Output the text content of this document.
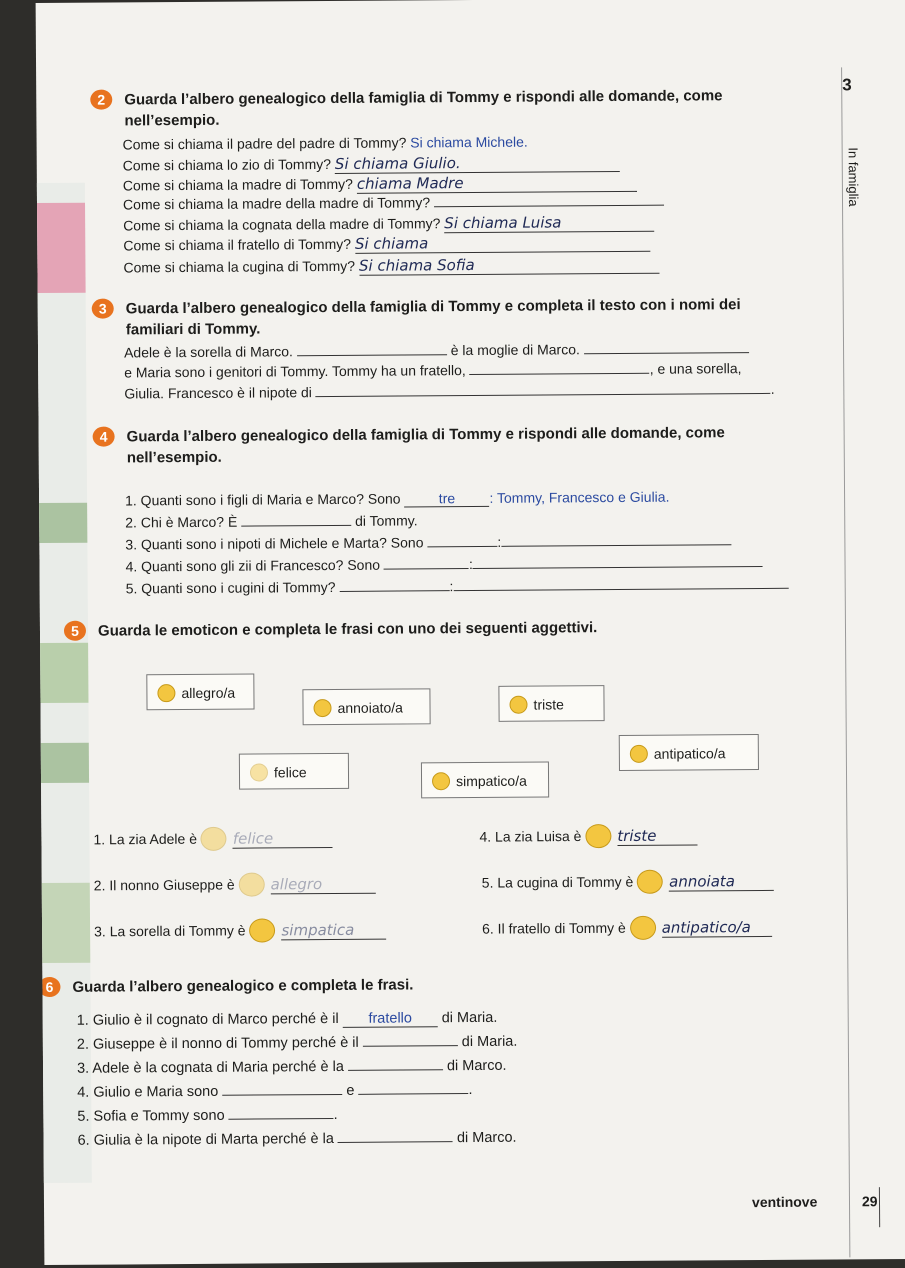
3
In famiglia
2	Guarda l’albero genealogico della famiglia di Tommy e rispondi alle domande, come nell’esempio.
Come si chiama il padre del padre di Tommy? Si chiama Michele.
Come si chiama lo zio di Tommy? Si chiama Giulio.
Come si chiama la madre di Tommy? chiama Madre
Come si chiama la madre della madre di Tommy?
Come si chiama la cognata della madre di Tommy? Si chiama Luisa
Come si chiama il fratello di Tommy? Si chiama
Come si chiama la cugina di Tommy? Si chiama Sofia
3	Guarda l’albero genealogico della famiglia di Tommy e completa il testo con i nomi dei familiari di Tommy.
Adele è la sorella di Marco.	è la moglie di Marco.
e Maria sono i genitori di Tommy. Tommy ha un fratello,	, e una sorella,
Giulia. Francesco è il nipote di	.
4	Guarda l’albero genealogico della famiglia di Tommy e rispondi alle domande, come nell’esempio.
1. Quanti sono i figli di Maria e Marco? Sono	tre : Tommy, Francesco e Giulia.
2. Chi è Marco? È	di Tommy.
3. Quanti sono i nipoti di Michele e Marta? Sono	:
4. Quanti sono gli zii di Francesco? Sono	:
5. Quanti sono i cugini di Tommy?	:
5	Guarda le emoticon e completa le frasi con uno dei seguenti aggettivi.
allegro/a
annoiato/a	triste
antipatico/a
felice
simpatico/a
1. La zia Adele è felice	4. La zia Luisa è triste
2. Il nonno Giuseppe è allegro	5. La cugina di Tommy è annoiata
3. La sorella di Tommy è simpatica	6. Il fratello di Tommy è antipatico/a
6	Guarda l’albero genealogico e completa le frasi.
1. Giulio è il cognato di Marco perché è il fratello di Maria.
2. Giuseppe è il nonno di Tommy perché è il	di Maria.
3. Adele è la cognata di Maria perché è la	di Marco.
4. Giulio e Maria sono	e	.
5. Sofia e Tommy sono	.
6. Giulia è la nipote di Marta perché è la	di Marco.
ventinove	29
